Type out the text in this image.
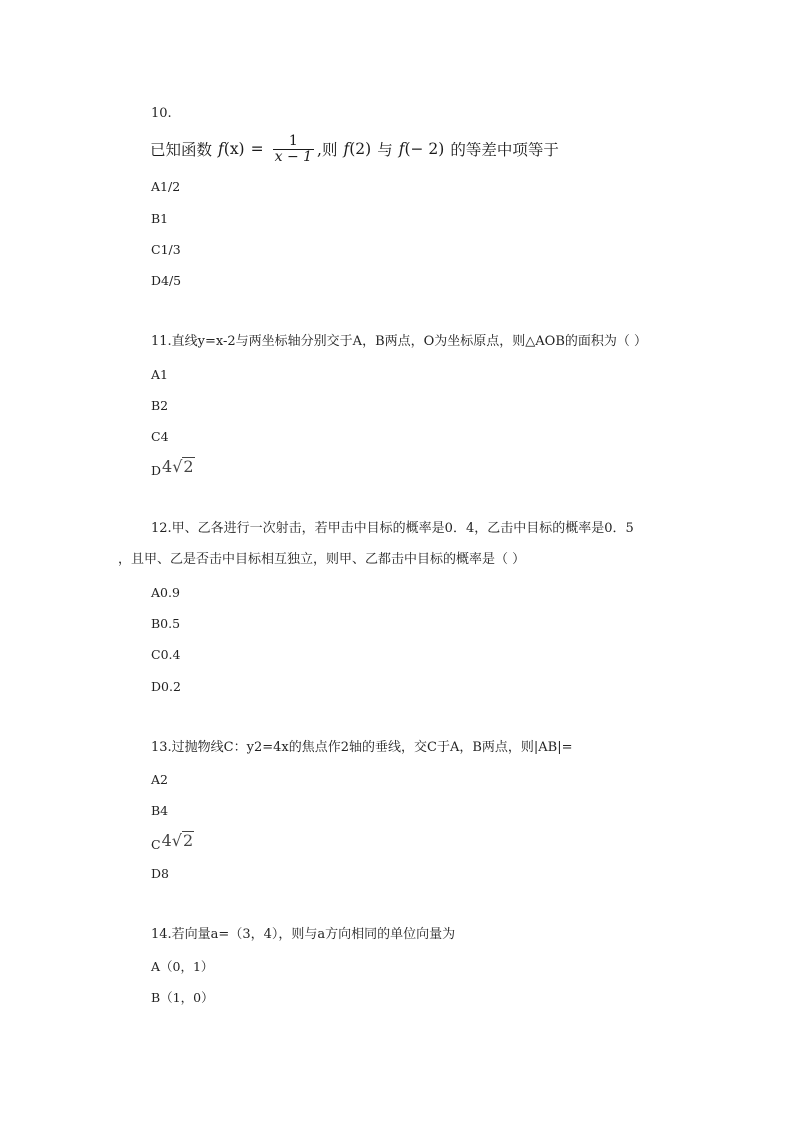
10.
已知函数 f $(x) = \frac{1}{x - 1}$ ,则 f (2) 与 f (− 2) 的等差中项等于
A1/2
B1
C1/3
D4/5
11.直线y=x-2与两坐标轴分别交于A，B两点，O为坐标原点，则△AOB的面积为（ ）
A1
B2
C4
D 4 √ 2
12.甲、乙各进行一次射击，若甲击中目标的概率是0．4，乙击中目标的概率是0．5
，且甲、乙是否击中目标相互独立，则甲、乙都击中目标的概率是（ ）
A0.9
B0.5
C0.4
D0.2
13.过抛物线C：y2=4x的焦点作2轴的垂线，交C于A，B两点，则|AB|=
A2
B4
C 4 √ 2
D8
14.若向量a=（3，4），则与a方向相同的单位向量为
A（0，1）
B（1，0）
